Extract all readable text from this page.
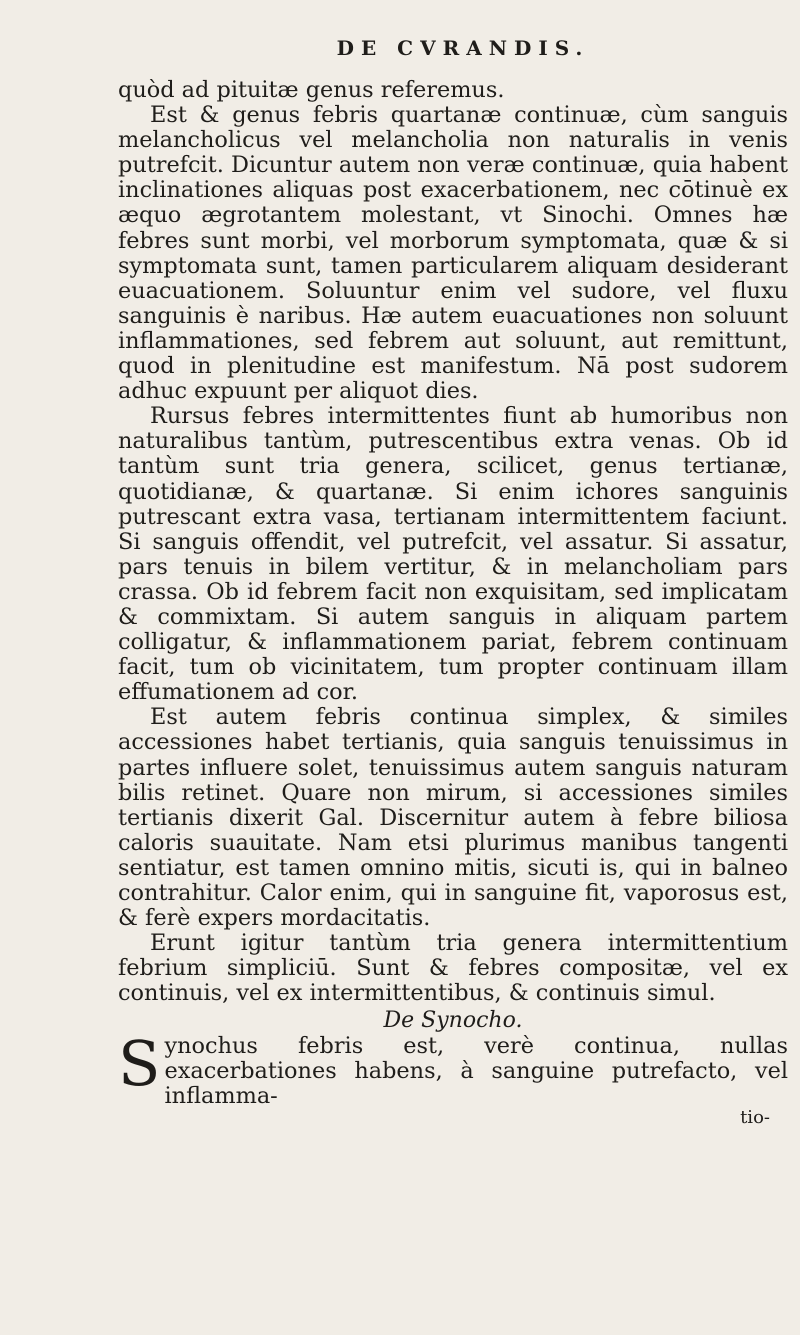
DE CVRANDIS.

quòd ad pituitæ genus referemus.

Est & genus febris quartanæ continuæ, cùm sanguis melancholicus vel melancholia non naturalis in venis putrefcit. Dicuntur autem non veræ continuæ, quia habent inclinationes aliquas post exacerbationem, nec cōtinuè ex æquo ægrotantem molestant, vt Sinochi. Omnes hæ febres sunt morbi, vel morborum symptomata, quæ & si symptomata sunt, tamen particularem aliquam desiderant euacuationem. Soluuntur enim vel sudore, vel fluxu sanguinis è naribus. Hæ autem euacuationes non soluunt inflammationes, sed febrem aut soluunt, aut remittunt, quod in plenitudine est manifestum. Nā post sudorem adhuc expuunt per aliquot dies.

Rursus febres intermittentes fiunt ab humoribus non naturalibus tantùm, putrescentibus extra venas. Ob id tantùm sunt tria genera, scilicet, genus tertianæ, quotidianæ, & quartanæ. Si enim ichores sanguinis putrescant extra vasa, tertianam intermittentem faciunt. Si sanguis offendit, vel putrefcit, vel assatur. Si assatur, pars tenuis in bilem vertitur, & in melancholiam pars crassa. Ob id febrem facit non exquisitam, sed implicatam & commixtam. Si autem sanguis in aliquam partem colligatur, & inflammationem pariat, febrem continuam facit, tum ob vicinitatem, tum propter continuam illam effumationem ad cor.

Est autem febris continua simplex, & similes accessiones habet tertianis, quia sanguis tenuissimus in partes influere solet, tenuissimus autem sanguis naturam bilis retinet. Quare non mirum, si accessiones similes tertianis dixerit Gal. Discernitur autem à febre biliosa caloris suauitate. Nam etsi plurimus manibus tangenti sentiatur, est tamen omnino mitis, sicuti is, qui in balneo contrahitur. Calor enim, qui in sanguine fit, vaporosus est, & ferè expers mordacitatis.

Erunt igitur tantùm tria genera intermittentium febrium simpliciū. Sunt & febres compositæ, vel ex continuis, vel ex intermittentibus, & continuis simul.

De Synocho.

S ynochus febris est, verè continua, nullas exacerbationes habens, à sanguine putrefacto, vel inflamma-

tio-
